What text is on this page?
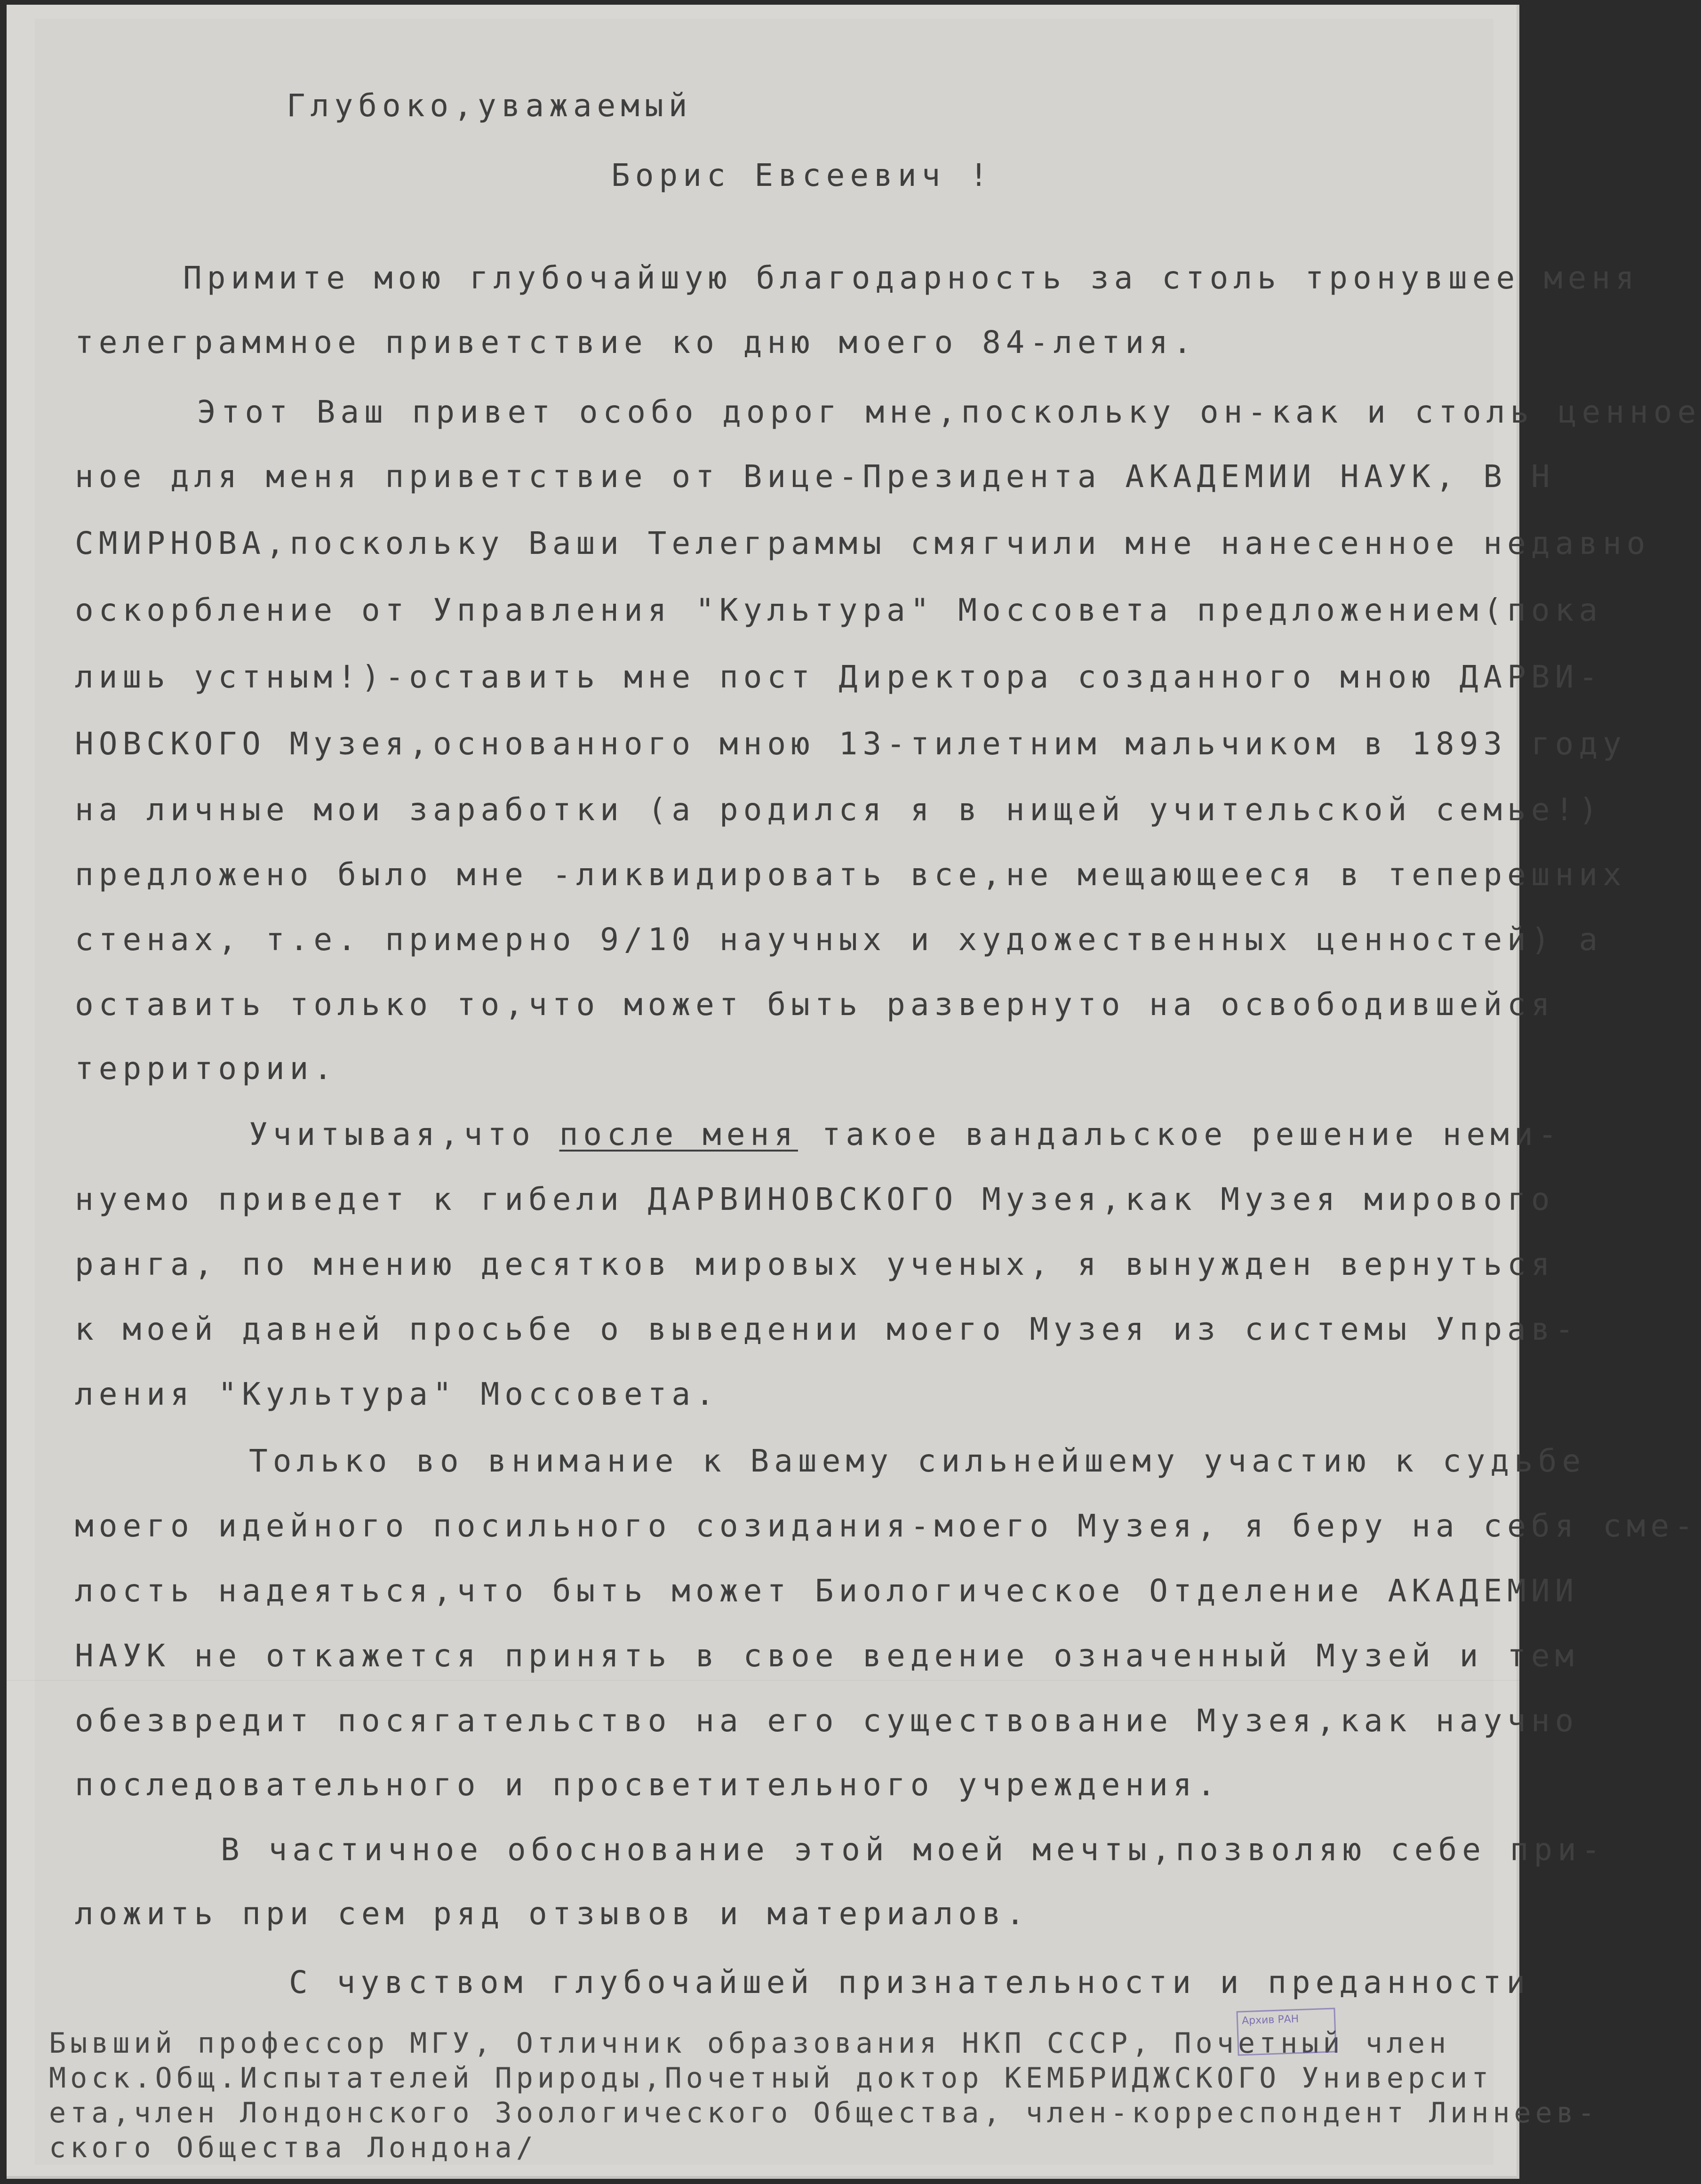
Глубоко,уважаемый
Борис Евсеевич !
Примите мою глубочайшую благодарность за столь тронувшее меня
телеграммное приветствие ко дню моего 84-летия.
Этот Ваш привет особо дорог мне,поскольку он-как и столь ценное
ное для меня приветствие от Вице-Президента АКАДЕМИИ НАУК, В Н
СМИРНОВА,поскольку Ваши Телеграммы смягчили мне нанесенное недавно
оскорбление от Управления "Культура" Моссовета предложением(пока
лишь устным!)-оставить мне пост Директора созданного мною ДАРВИ-
НОВСКОГО Музея,основанного мною 13-тилетним мальчиком в 1893 году
на личные мои заработки (а родился я в нищей учительской семье!)
предложено было мне -ликвидировать все,не мещающееся в теперешних
стенах, т.е. примерно 9/10 научных и художественных ценностей) а
оставить только то,что может быть развернуто на освободившейся
территории.
Учитывая,что после меня такое вандальское решение неми-
нуемо приведет к гибели ДАРВИНОВСКОГО Музея,как Музея мирового
ранга, по мнению десятков мировых ученых, я вынужден вернуться
к моей давней просьбе о выведении моего Музея из системы Управ-
ления "Культура" Моссовета.
Только во внимание к Вашему сильнейшему участию к судьбе
моего идейного посильного созидания-моего Музея, я беру на себя сме-
лость надеяться,что быть может Биологическое Отделение АКАДЕМИИ
НАУК не откажется принять в свое ведение означенный Музей и тем
обезвредит посягательство на его существование Музея,как научно
последовательного и просветительного учреждения.
В частичное обоснование этой моей мечты,позволяю себе при-
ложить при сем ряд отзывов и материалов.
С чувством глубочайшей признательности и преданности
Бывший профессор МГУ, Отличник образования НКП СССР, Почетный член
Моск.Общ.Испытателей Природы,Почетный доктор КЕМБРИДЖСКОГО Университ
ета,член Лондонского Зоологического Общества, член-корреспондент Линнеев-
ского Общества Лондона/
Архив РАН
